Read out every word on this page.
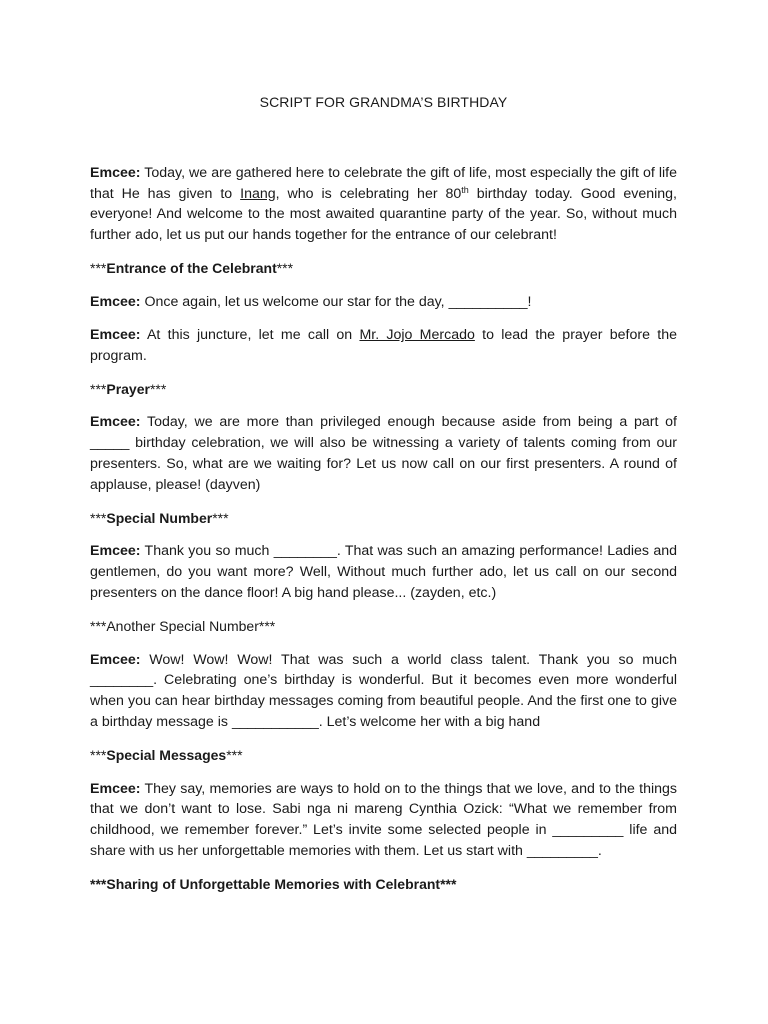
SCRIPT FOR GRANDMA’S BIRTHDAY

Emcee: Today, we are gathered here to celebrate the gift of life, most especially the gift of life that He has given to Inang, who is celebrating her 80th birthday today. Good evening, everyone! And welcome to the most awaited quarantine party of the year. So, without much further ado, let us put our hands together for the entrance of our celebrant!

***Entrance of the Celebrant***

Emcee: Once again, let us welcome our star for the day, __________!

Emcee: At this juncture, let me call on Mr. Jojo Mercado to lead the prayer before the program.

***Prayer***

Emcee: Today, we are more than privileged enough because aside from being a part of _____ birthday celebration, we will also be witnessing a variety of talents coming from our presenters. So, what are we waiting for? Let us now call on our first presenters. A round of applause, please! (dayven)

***Special Number***

Emcee: Thank you so much ________. That was such an amazing performance! Ladies and gentlemen, do you want more? Well, Without much further ado, let us call on our second presenters on the dance floor! A big hand please... (zayden, etc.)

***Another Special Number***

Emcee: Wow! Wow! Wow! That was such a world class talent. Thank you so much ________. Celebrating one’s birthday is wonderful. But it becomes even more wonderful when you can hear birthday messages coming from beautiful people. And the first one to give a birthday message is ___________. Let’s welcome her with a big hand

***Special Messages***

Emcee: They say, memories are ways to hold on to the things that we love, and to the things that we don’t want to lose. Sabi nga ni mareng Cynthia Ozick: “What we remember from childhood, we remember forever.” Let’s invite some selected people in _________ life and share with us her unforgettable memories with them. Let us start with _________.

***Sharing of Unforgettable Memories with Celebrant***
